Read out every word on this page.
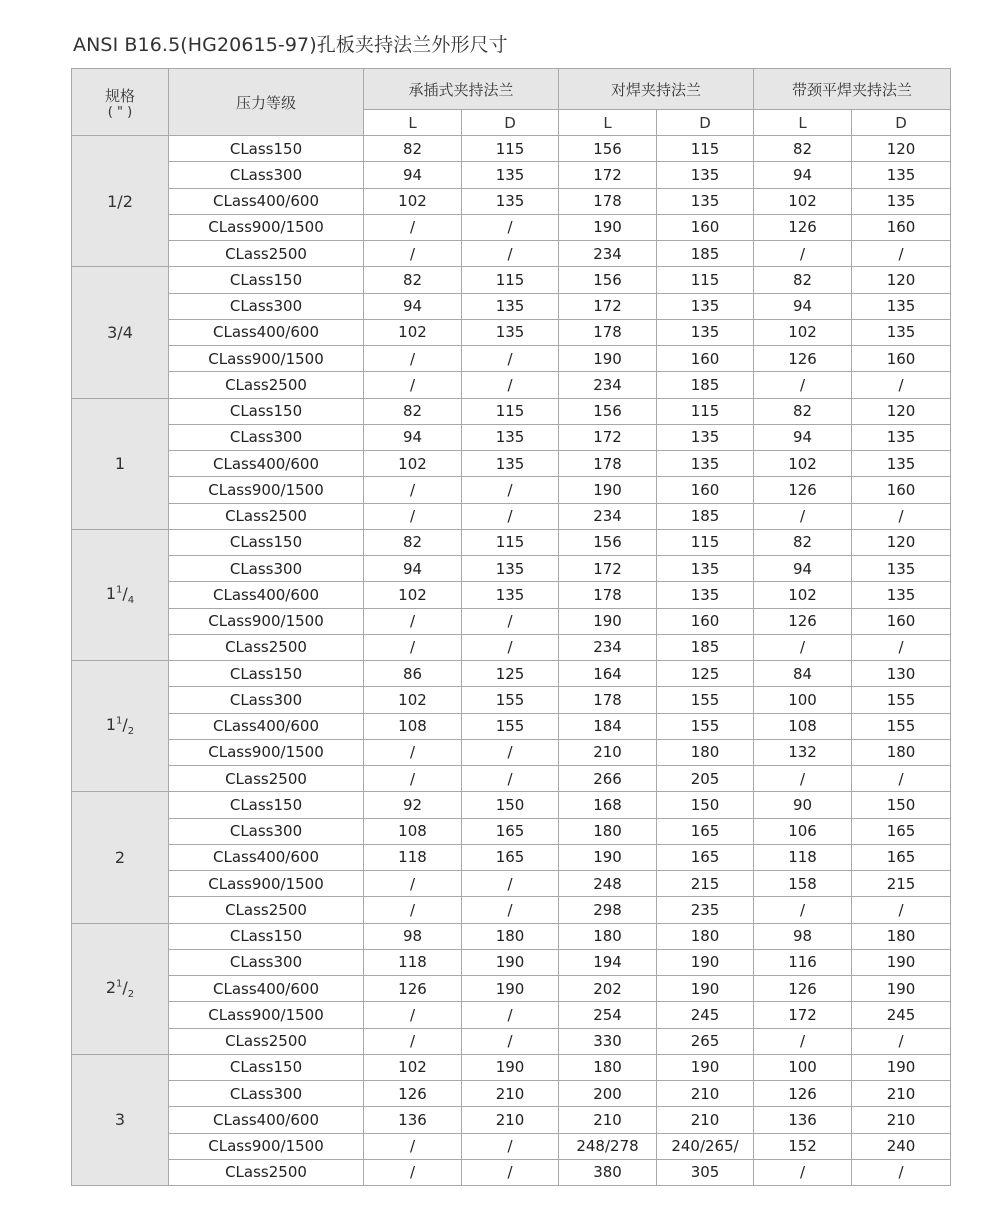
ANSI B16.5(HG20615-97)孔板夹持法兰外形尺寸
规格
( " )	压力等级	承插式夹持法兰		对焊夹持法兰		带颈平焊夹持法兰	
		L	D	L	D	L	D
1/2	CLass150	82	115	156	115	82	120
	CLass300	94	135	172	135	94	135
	CLass400/600	102	135	178	135	102	135
	CLass900/1500	/	/	190	160	126	160
	CLass2500	/	/	234	185	/	/
3/4	CLass150	82	115	156	115	82	120
	CLass300	94	135	172	135	94	135
	CLass400/600	102	135	178	135	102	135
	CLass900/1500	/	/	190	160	126	160
	CLass2500	/	/	234	185	/	/
1	CLass150	82	115	156	115	82	120
	CLass300	94	135	172	135	94	135
	CLass400/600	102	135	178	135	102	135
	CLass900/1500	/	/	190	160	126	160
	CLass2500	/	/	234	185	/	/
$1^1/_4$	CLass150	82	115	156	115	82	120
	CLass300	94	135	172	135	94	135
	CLass400/600	102	135	178	135	102	135
	CLass900/1500	/	/	190	160	126	160
	CLass2500	/	/	234	185	/	/
$1^1/_2$	CLass150	86	125	164	125	84	130
	CLass300	102	155	178	155	100	155
	CLass400/600	108	155	184	155	108	155
	CLass900/1500	/	/	210	180	132	180
	CLass2500	/	/	266	205	/	/
2	CLass150	92	150	168	150	90	150
	CLass300	108	165	180	165	106	165
	CLass400/600	118	165	190	165	118	165
	CLass900/1500	/	/	248	215	158	215
	CLass2500	/	/	298	235	/	/
$2^1/_2$	CLass150	98	180	180	180	98	180
	CLass300	118	190	194	190	116	190
	CLass400/600	126	190	202	190	126	190
	CLass900/1500	/	/	254	245	172	245
	CLass2500	/	/	330	265	/	/
3	CLass150	102	190	180	190	100	190
	CLass300	126	210	200	210	126	210
	CLass400/600	136	210	210	210	136	210
	CLass900/1500	/	/	248/278	240/265/	152	240
	CLass2500	/	/	380	305	/	/
